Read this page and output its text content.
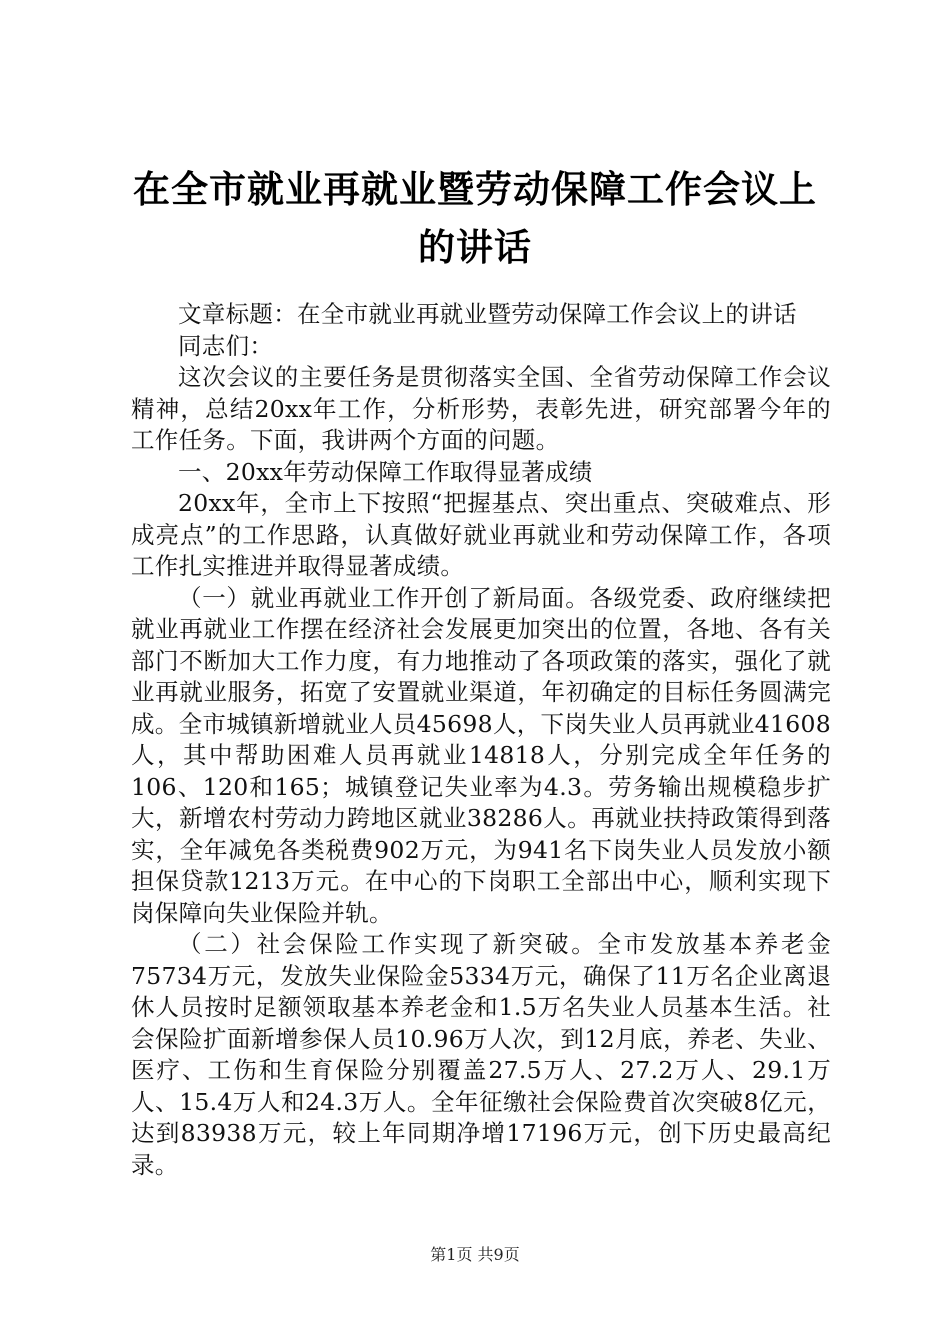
在全市就业再就业暨劳动保障工作会议上的讲话

文章标题：在全市就业再就业暨劳动保障工作会议上的讲话

同志们：

这次会议的主要任务是贯彻落实全国、全省劳动保障工作会议精神，总结20xx年工作，分析形势，表彰先进，研究部署今年的工作任务。下面，我讲两个方面的问题。

一、20xx年劳动保障工作取得显著成绩

20xx年，全市上下按照“把握基点、突出重点、突破难点、形成亮点”的工作思路，认真做好就业再就业和劳动保障工作，各项工作扎实推进并取得显著成绩。

（一）就业再就业工作开创了新局面。各级党委、政府继续把就业再就业工作摆在经济社会发展更加突出的位置，各地、各有关部门不断加大工作力度，有力地推动了各项政策的落实，强化了就业再就业服务，拓宽了安置就业渠道，年初确定的目标任务圆满完成。全市城镇新增就业人员45698人，下岗失业人员再就业41608人，其中帮助困难人员再就业14818人，分别完成全年任务的106、120和165；城镇登记失业率为4.3。劳务输出规模稳步扩大，新增农村劳动力跨地区就业38286人。再就业扶持政策得到落实，全年减免各类税费902万元，为941名下岗失业人员发放小额担保贷款1213万元。在中心的下岗职工全部出中心，顺利实现下岗保障向失业保险并轨。

（二）社会保险工作实现了新突破。全市发放基本养老金75734万元，发放失业保险金5334万元，确保了11万名企业离退休人员按时足额领取基本养老金和1.5万名失业人员基本生活。社会保险扩面新增参保人员10.96万人次，到12月底，养老、失业、医疗、工伤和生育保险分别覆盖27.5万人、27.2万人、29.1万人、15.4万人和24.3万人。全年征缴社会保险费首次突破8亿元，达到83938万元，较上年同期净增17196万元，创下历史最高纪录。

第1页 共9页
